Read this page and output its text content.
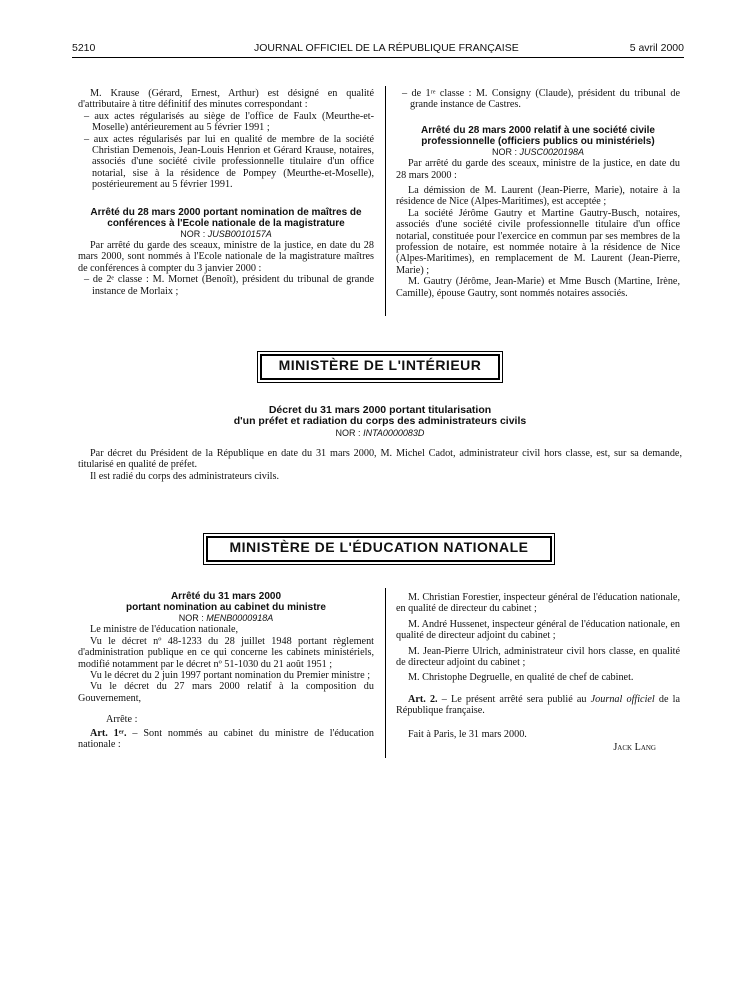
5210	JOURNAL OFFICIEL DE LA RÉPUBLIQUE FRANÇAISE	5 avril 2000

M. Krause (Gérard, Ernest, Arthur) est désigné en qualité d'attributaire à titre définitif des minutes correspondant :

– aux actes régularisés au siège de l'office de Faulx (Meurthe-et-Moselle) antérieurement au 5 février 1991 ;

– aux actes régularisés par lui en qualité de membre de la société Christian Demenois, Jean-Louis Henrion et Gérard Krause, notaires, associés d'une société civile professionnelle titulaire d'un office notarial, sise à la résidence de Pompey (Meurthe-et-Moselle), postérieurement au 5 février 1991.

Arrêté du 28 mars 2000 portant nomination de maîtres de conférences à l'Ecole nationale de la magistrature

NOR : JUSB0010157A

Par arrêté du garde des sceaux, ministre de la justice, en date du 28 mars 2000, sont nommés à l'Ecole nationale de la magistrature maîtres de conférences à compter du 3 janvier 2000 :

– de 2ᵉ classe : M. Mornet (Benoît), président du tribunal de grande instance de Morlaix ;

– de 1ʳᵉ classe : M. Consigny (Claude), président du tribunal de grande instance de Castres.

Arrêté du 28 mars 2000 relatif à une société civile professionnelle (officiers publics ou ministériels)

NOR : JUSC0020198A

Par arrêté du garde des sceaux, ministre de la justice, en date du 28 mars 2000 :

La démission de M. Laurent (Jean-Pierre, Marie), notaire à la résidence de Nice (Alpes-Maritimes), est acceptée ;

La société Jérôme Gautry et Martine Gautry-Busch, notaires, associés d'une société civile professionnelle titulaire d'un office notarial, constituée pour l'exercice en commun par ses membres de la profession de notaire, est nommée notaire à la résidence de Nice (Alpes-Maritimes), en remplacement de M. Laurent (Jean-Pierre, Marie) ;

M. Gautry (Jérôme, Jean-Marie) et Mme Busch (Martine, Irène, Camille), épouse Gautry, sont nommés notaires associés.

MINISTÈRE DE L'INTÉRIEUR

Décret du 31 mars 2000 portant titularisation

d'un préfet et radiation du corps des administrateurs civils

NOR : INTA0000083D

Par décret du Président de la République en date du 31 mars 2000, M. Michel Cadot, administrateur civil hors classe, est, sur sa demande, titularisé en qualité de préfet.

Il est radié du corps des administrateurs civils.

MINISTÈRE DE L'ÉDUCATION NATIONALE

Arrêté du 31 mars 2000

portant nomination au cabinet du ministre

NOR : MENB0000918A

Le ministre de l'éducation nationale,

Vu le décret nº 48-1233 du 28 juillet 1948 portant règlement d'administration publique en ce qui concerne les cabinets ministériels, modifié notamment par le décret nº 51-1030 du 21 août 1951 ;

Vu le décret du 2 juin 1997 portant nomination du Premier ministre ;

Vu le décret du 27 mars 2000 relatif à la composition du Gouvernement,

Arrête :

Art. 1ᵉʳ. – Sont nommés au cabinet du ministre de l'éducation nationale :

M. Christian Forestier, inspecteur général de l'éducation nationale, en qualité de directeur du cabinet ;

M. André Hussenet, inspecteur général de l'éducation nationale, en qualité de directeur adjoint du cabinet ;

M. Jean-Pierre Ulrich, administrateur civil hors classe, en qualité de directeur adjoint du cabinet ;

M. Christophe Degruelle, en qualité de chef de cabinet.

Art. 2. – Le présent arrêté sera publié au Journal officiel de la République française.

Fait à Paris, le 31 mars 2000.

Jack Lang
